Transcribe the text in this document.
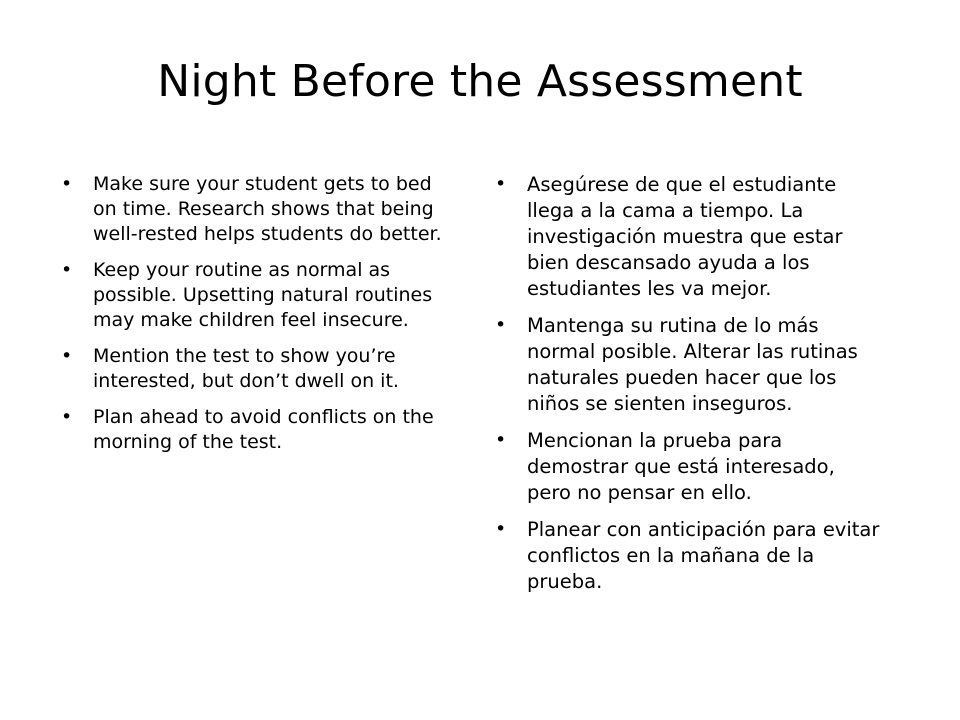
Night Before the Assessment
• Make sure your student gets to bed on time. Research shows that being well-rested helps students do better.
• Keep your routine as normal as possible. Upsetting natural routines may make children feel insecure.
• Mention the test to show you’re interested, but don’t dwell on it.
• Plan ahead to avoid conflicts on the morning of the test.
• Asegúrese de que el estudiante llega a la cama a tiempo. La investigación muestra que estar bien descansado ayuda a los estudiantes les va mejor.
• Mantenga su rutina de lo más normal posible. Alterar las rutinas naturales pueden hacer que los niños se sienten inseguros.
• Mencionan la prueba para demostrar que está interesado, pero no pensar en ello.
• Planear con anticipación para evitar conflictos en la mañana de la prueba.
